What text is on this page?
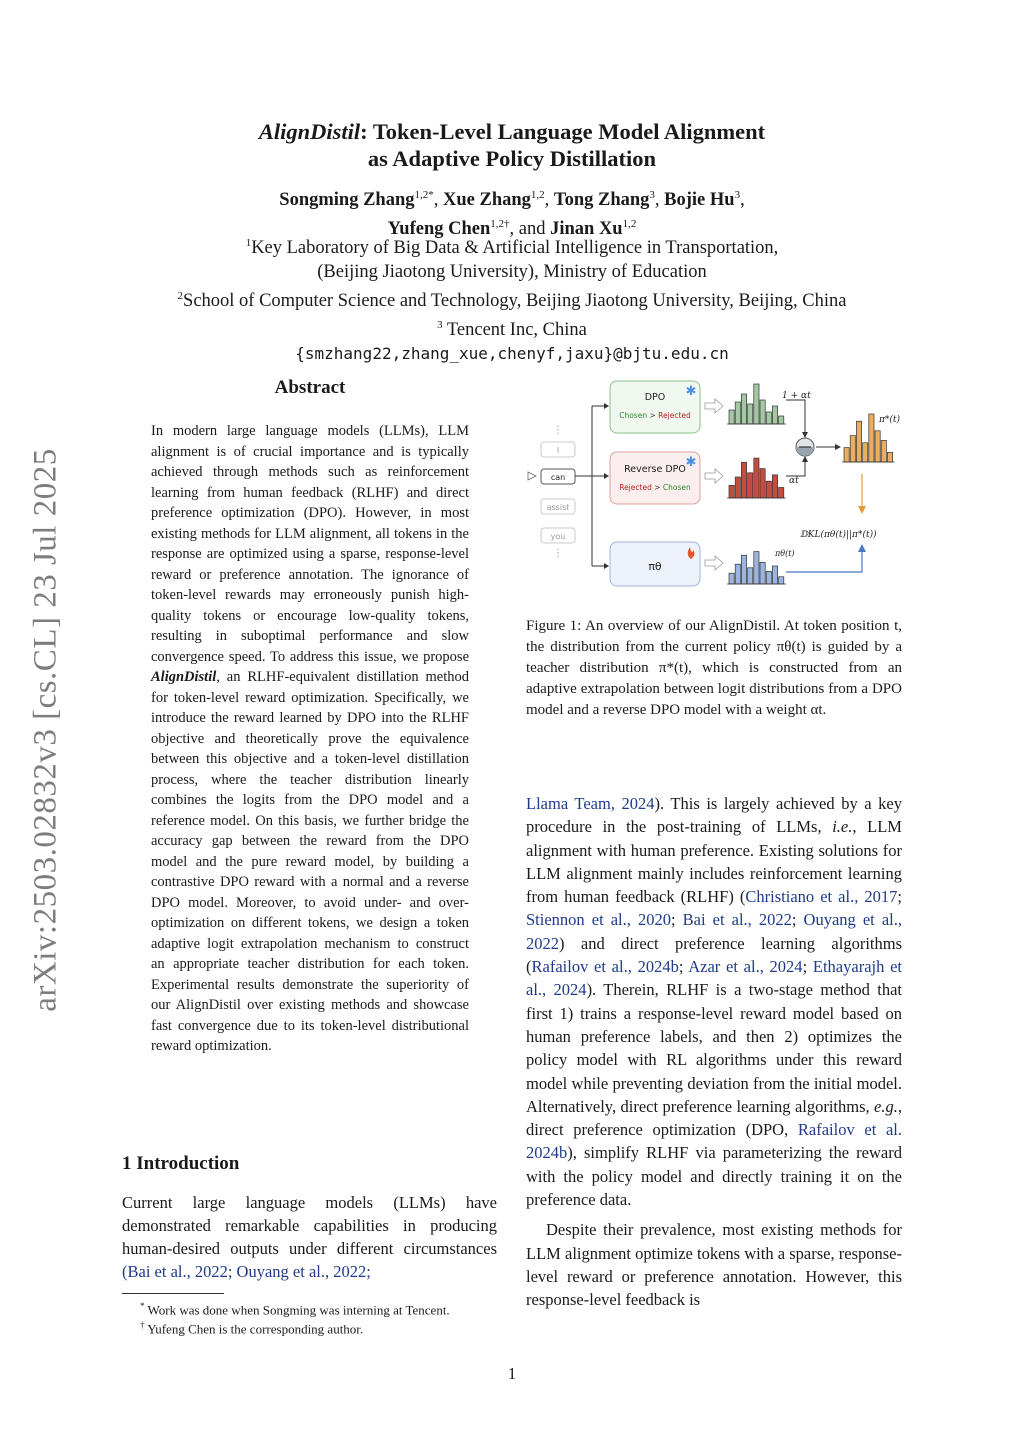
arXiv:2503.02832v3 [cs.CL] 23 Jul 2025
AlignDistil: Token-Level Language Model Alignment
as Adaptive Policy Distillation
Songming Zhang$^{1,2*}$, Xue Zhang$^{1,2}$, Tong Zhang$^3$, Bojie Hu$^3$,
Yufeng Chen$^{1,2\dagger}$, and Jinan Xu$^{1,2}$
$^1$Key Laboratory of Big Data & Artificial Intelligence in Transportation,
(Beijing Jiaotong University), Ministry of Education
$^2$School of Computer Science and Technology, Beijing Jiaotong University, Beijing, China
$^3$ Tencent Inc, China
{smzhang22,zhang_xue,chenyf,jaxu}@bjtu.edu.cn
Abstract
In modern large language models (LLMs), LLM alignment is of crucial importance and is typically achieved through methods such as reinforcement learning from human feedback (RLHF) and direct preference optimization (DPO). However, in most existing methods for LLM alignment, all tokens in the response are optimized using a sparse, response-level reward or preference annotation. The ignorance of token-level rewards may erroneously punish high-quality tokens or encourage low-quality tokens, resulting in suboptimal performance and slow convergence speed. To address this issue, we propose AlignDistil, an RLHF-equivalent distillation method for token-level reward optimization. Specifically, we introduce the reward learned by DPO into the RLHF objective and theoretically prove the equivalence between this objective and a token-level distillation process, where the teacher distribution linearly combines the logits from the DPO model and a reference model. On this basis, we further bridge the accuracy gap between the reward from the DPO model and the pure reward model, by building a contrastive DPO reward with a normal and a reverse DPO model. Moreover, to avoid under- and over-optimization on different tokens, we design a token adaptive logit extrapolation mechanism to construct an appropriate teacher distribution for each token. Experimental results demonstrate the superiority of our AlignDistil over existing methods and showcase fast convergence due to its token-level distributional reward optimization.
1 Introduction
Current large language models (LLMs) have demonstrated remarkable capabilities in producing human-desired outputs under different circumstances (Bai et al., 2022; Ouyang et al., 2022;
* Work was done when Songming was interning at Tencent.
† Yufeng Chen is the corresponding author.
⋮
I
can
assist
you
⋮
DPO
Chosen > Rejected
✱
Reverse DPO
Rejected > Chosen
✱
πθ
1 + αt
αt
π*(t)
πθ(t)
𝔻KL(πθ(t)||π*(t))
Figure 1: An overview of our AlignDistil. At token position t, the distribution from the current policy πθ(t) is guided by a teacher distribution π*(t), which is constructed from an adaptive extrapolation between logit distributions from a DPO model and a reverse DPO model with a weight αt.

Llama Team, 2024). This is largely achieved by a key procedure in the post-training of LLMs, i.e., LLM alignment with human preference. Existing solutions for LLM alignment mainly includes reinforcement learning from human feedback (RLHF) (Christiano et al., 2017; Stiennon et al., 2020; Bai et al., 2022; Ouyang et al., 2022) and direct preference learning algorithms (Rafailov et al., 2024b; Azar et al., 2024; Ethayarajh et al., 2024). Therein, RLHF is a two-stage method that first 1) trains a response-level reward model based on human preference labels, and then 2) optimizes the policy model with RL algorithms under this reward model while preventing deviation from the initial model. Alternatively, direct preference learning algorithms, e.g., direct preference optimization (DPO, Rafailov et al. 2024b), simplify RLHF via parameterizing the reward with the policy model and directly training it on the preference data.

Despite their prevalence, most existing methods for LLM alignment optimize tokens with a sparse, response-level reward or preference annotation. However, this response-level feedback is

1
